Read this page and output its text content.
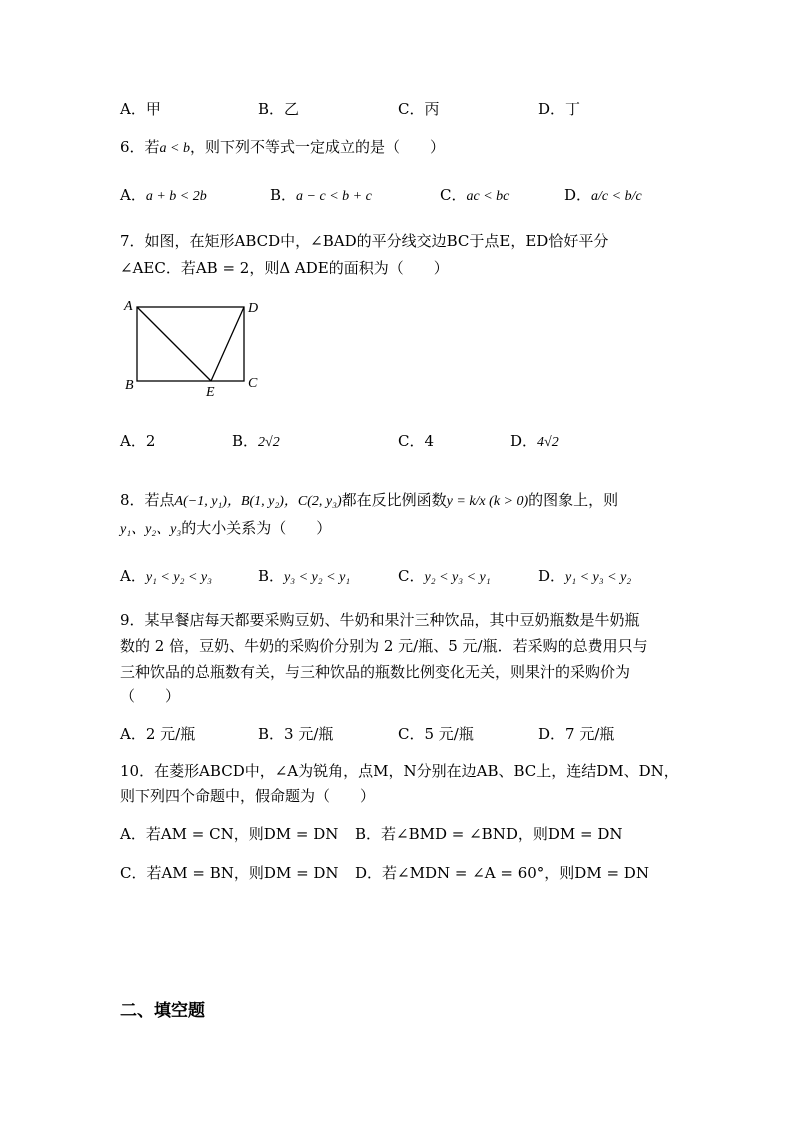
A．甲	B．乙	C．丙	D．丁
6．若a < b，则下列不等式一定成立的是（　　）
A．a + b < 2b	B．a − c < b + c	C．ac < bc	D．a/c < b/c
7．如图，在矩形ABCD中，∠BAD的平分线交边BC于点E，ED恰好平分
∠AEC．若AB = 2，则Δ ADE的面积为（　　）
A	D
B	C
E
A．2	B．2√2	C．4	D．4√2
8．若点A(−1, y₁)，B(1, y₂)，C(2, y₃)都在反比例函数y = k/x (k > 0)的图象上，则
y₁、y₂、y₃的大小关系为（　　）
A．y₁ < y₂ < y₃	B．y₃ < y₂ < y₁	C．y₂ < y₃ < y₁	D．y₁ < y₃ < y₂
9．某早餐店每天都要采购豆奶、牛奶和果汁三种饮品，其中豆奶瓶数是牛奶瓶
数的 2 倍，豆奶、牛奶的采购价分别为 2 元/瓶、5 元/瓶．若采购的总费用只与
三种饮品的总瓶数有关，与三种饮品的瓶数比例变化无关，则果汁的采购价为
（　　）
A．2 元/瓶	B．3 元/瓶	C．5 元/瓶	D．7 元/瓶
10．在菱形ABCD中，∠A为锐角，点M，N分别在边AB、BC上，连结DM、DN，
则下列四个命题中，假命题为（　　）
A．若AM = CN，则DM = DN B．若∠BMD = ∠BND，则DM = DN
C．若AM = BN，则DM = DN D．若∠MDN = ∠A = 60°，则DM = DN
二、填空题
